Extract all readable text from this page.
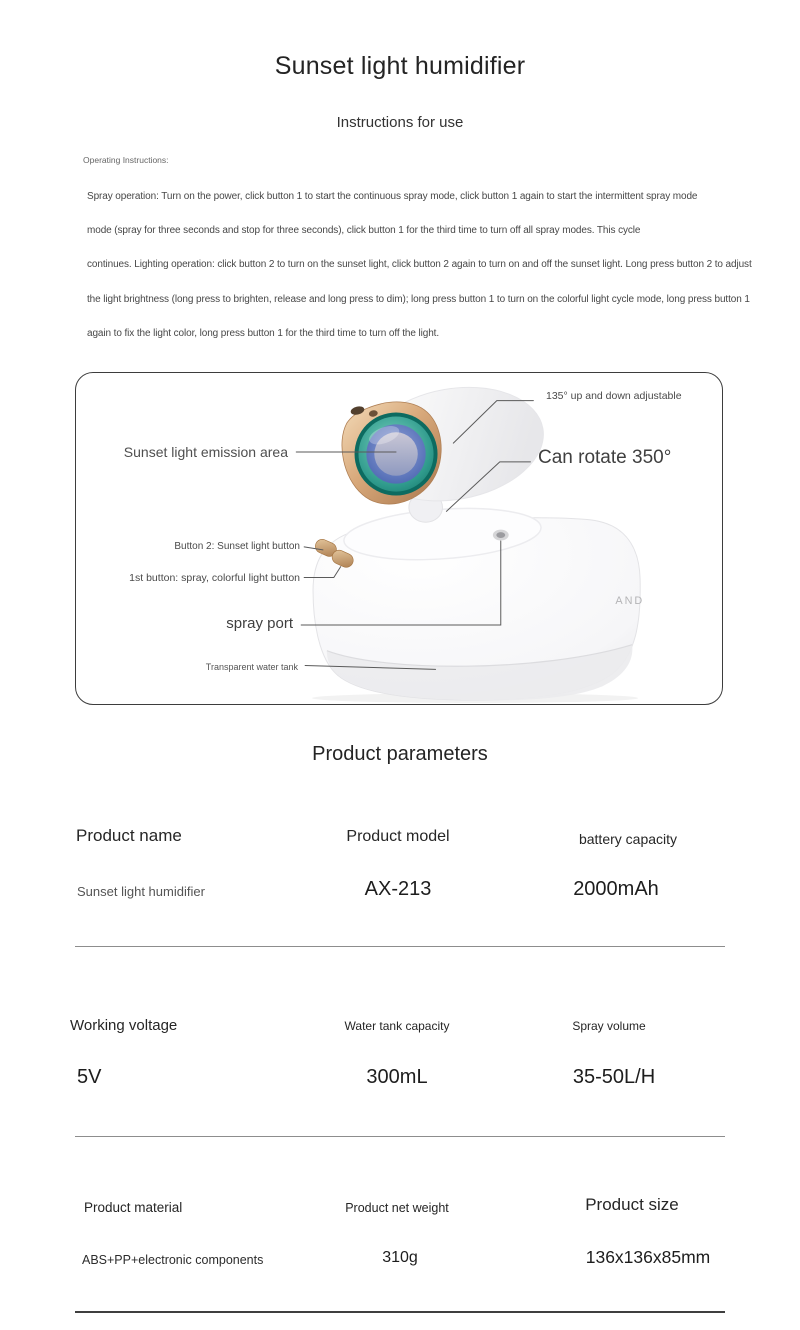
Sunset light humidifier
Instructions for use
Operating Instructions:
Spray operation: Turn on the power, click button 1 to start the continuous spray mode, click button 1 again to start the intermittent spray mode
mode (spray for three seconds and stop for three seconds), click button 1 for the third time to turn off all spray modes. This cycle
continues. Lighting operation: click button 2 to turn on the sunset light, click button 2 again to turn on and off the sunset light. Long press button 2 to adjust
the light brightness (long press to brighten, release and long press to dim); long press button 1 to turn on the colorful light cycle mode, long press button 1
again to fix the light color, long press button 1 for the third time to turn off the light.
AND
135° up and down adjustable
Can rotate 350°
Sunset light emission area
Button 2: Sunset light button
1st button: spray, colorful light button
spray port
Transparent water tank
Product parameters
Product name	Product model	battery capacity
Sunset light humidifier	AX-213	2000mAh
Working voltage	Water tank capacity	Spray volume
5V	300mL	35-50L/H
Product material	Product net weight	Product size
ABS+PP+electronic components	310g	136x136x85mm
